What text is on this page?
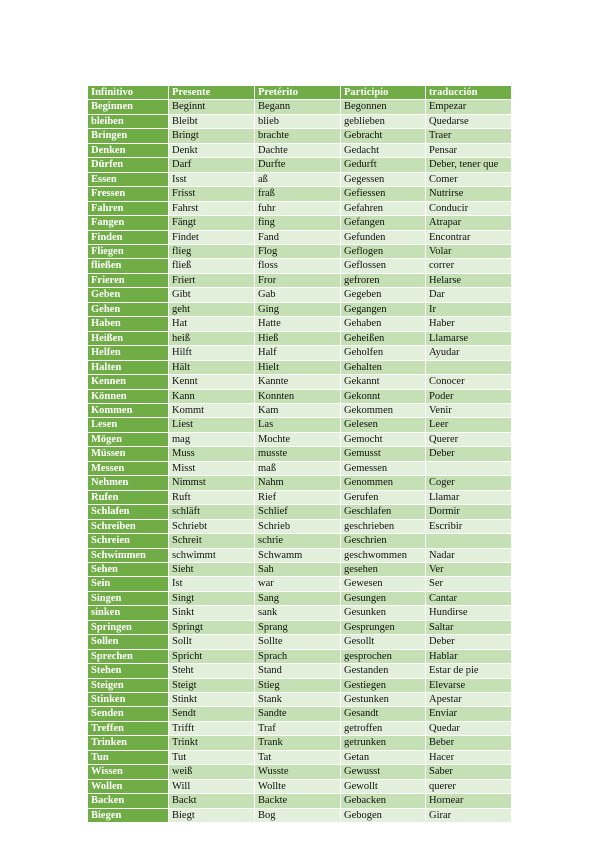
Infinitivo	Presente	Pretérito	Participio	traducción
Beginnen	Beginnt	Begann	Begonnen	Empezar
bleiben	Bleibt	blieb	geblieben	Quedarse
Bringen	Bringt	brachte	Gebracht	Traer
Denken	Denkt	Dachte	Gedacht	Pensar
Dürfen	Darf	Durfte	Gedurft	Deber, tener que
Essen	Isst	aß	Gegessen	Comer
Fressen	Frisst	fraß	Gefiessen	Nutrirse
Fahren	Fahrst	fuhr	Gefahren	Conducir
Fangen	Fängt	fing	Gefangen	Atrapar
Finden	Findet	Fand	Gefunden	Encontrar
Fliegen	flieg	Flog	Geflogen	Volar
fließen	fließ	floss	Geflossen	correr
Frieren	Friert	Fror	gefroren	Helarse
Geben	Gibt	Gab	Gegeben	Dar
Gehen	geht	Ging	Gegangen	Ir
Haben	Hat	Hatte	Gehaben	Haber
Heißen	heiß	Hieß	Geheißen	Llamarse
Helfen	Hilft	Half	Geholfen	Ayudar
Halten	Hält	Hielt	Gehalten	
Kennen	Kennt	Kannte	Gekannt	Conocer
Können	Kann	Konnten	Gekonnt	Poder
Kommen	Kommt	Kam	Gekommen	Venir
Lesen	Liest	Las	Gelesen	Leer
Mögen	mag	Mochte	Gemocht	Querer
Müssen	Muss	musste	Gemusst	Deber
Messen	Misst	maß	Gemessen	
Nehmen	Nimmst	Nahm	Genommen	Coger
Rufen	Ruft	Rief	Gerufen	Llamar
Schlafen	schläft	Schlief	Geschlafen	Dormir
Schreiben	Schriebt	Schrieb	geschrieben	Escribir
Schreien	Schreit	schrie	Geschrien	
Schwimmen	schwimmt	Schwamm	geschwommen	Nadar
Sehen	Sieht	Sah	gesehen	Ver
Sein	Ist	war	Gewesen	Ser
Singen	Singt	Sang	Gesungen	Cantar
sinken	Sinkt	sank	Gesunken	Hundirse
Springen	Springt	Sprang	Gesprungen	Saltar
Sollen	Sollt	Sollte	Gesollt	Deber
Sprechen	Spricht	Sprach	gesprochen	Hablar
Stehen	Steht	Stand	Gestanden	Estar de pie
Steigen	Steigt	Stieg	Gestiegen	Elevarse
Stinken	Stinkt	Stank	Gestunken	Apestar
Senden	Sendt	Sandte	Gesandt	Enviar
Treffen	Trifft	Traf	getroffen	Quedar
Trinken	Trinkt	Trank	getrunken	Beber
Tun	Tut	Tat	Getan	Hacer
Wissen	weiß	Wusste	Gewusst	Saber
Wollen	Will	Wollte	Gewollt	querer
Backen	Backt	Backte	Gebacken	Hornear
Biegen	Biegt	Bog	Gebogen	Girar
